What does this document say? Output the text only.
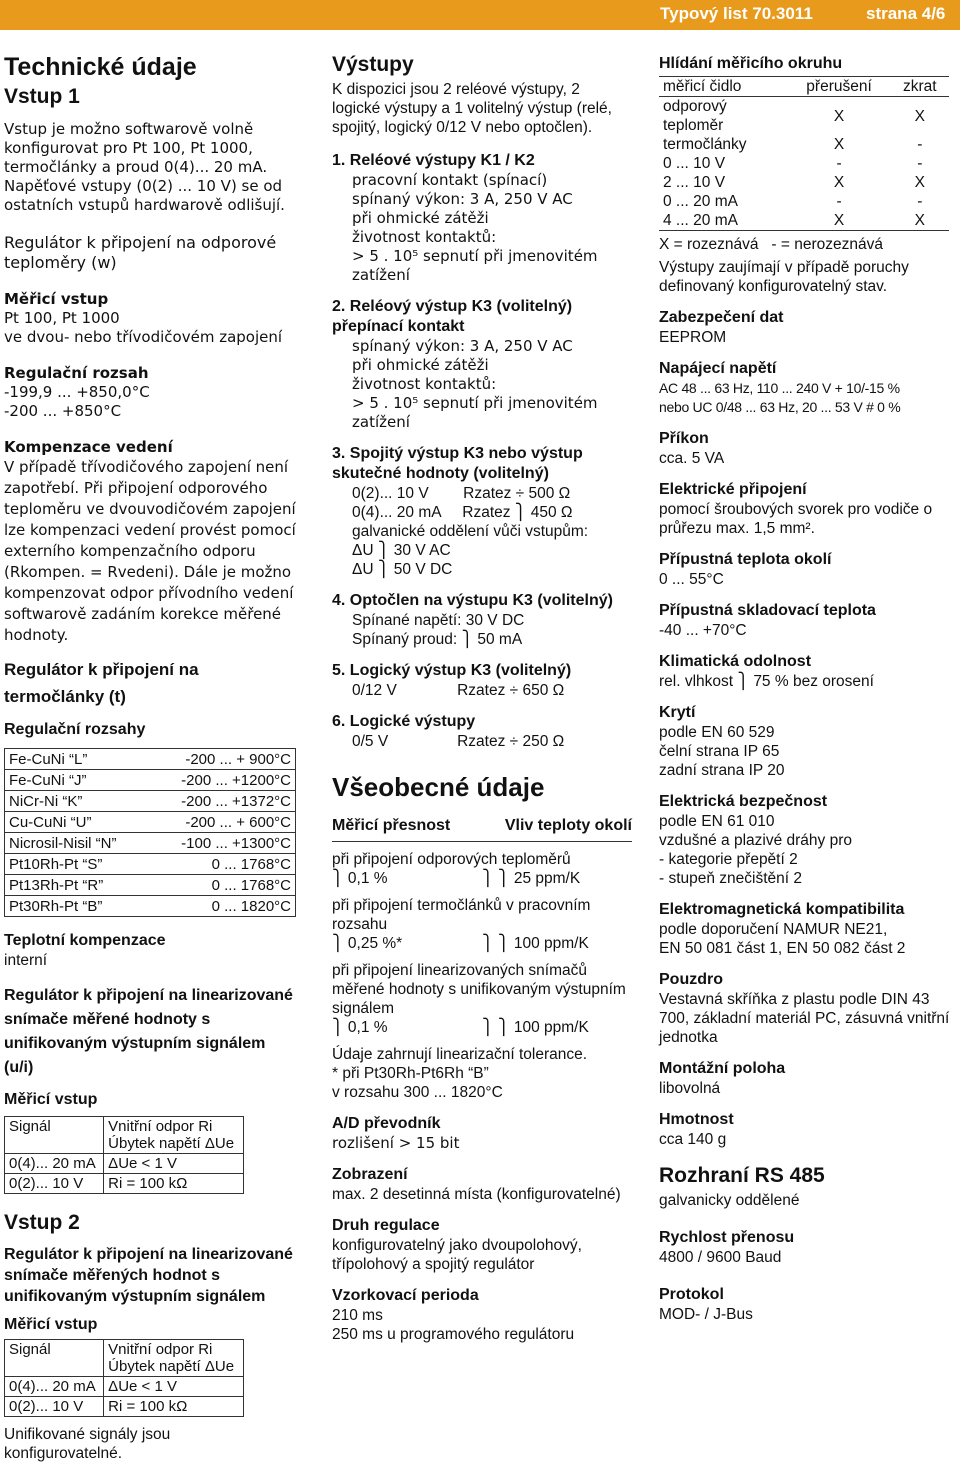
Typový list 70.3011	strana 4/6
Technické údaje
Vstup 1

Vstup je možno softwarově volně konfigurovat pro Pt 100, Pt 1000, termočlánky a proud 0(4)... 20 mA.
Napěťové vstupy (0(2) ... 10 V) se od ostatních vstupů hardwarově odlišují.

Regulátor k připojení na odporové teploměry (w)
Měřicí vstup

Pt 100, Pt 1000
ve dvou- nebo třívodičovém zapojení

Regulační rozsah

-199,9 ... +850,0°C
-200 ... +850°C

Kompenzace vedení

V případě třívodičového zapojení není zapotřebí. Při připojení odporového teploměru ve dvouvodičovém zapojení lze kompenzaci vedení provést pomocí externího kompenzačního odporu (Rkompen. = Rvedeni). Dále je možno kompenzovat odpor přívodního vedení softwarově zadáním korekce měřené hodnoty.

Regulátor k připojení na termočlánky (t)
Regulační rozsahy
Fe-CuNi “L”	-200 ... + 900°C
Fe-CuNi “J”	-200 ... +1200°C
NiCr-Ni “K”	-200 ... +1372°C
Cu-CuNi “U”	-200 ... + 600°C
Nicrosil-Nisil “N”	-100 ... +1300°C
Pt10Rh-Pt “S”	0 ... 1768°C
Pt13Rh-Pt “R”	0 ... 1768°C
Pt30Rh-Pt “B”	0 ... 1820°C
Teplotní kompenzace

interní

Regulátor k připojení na linearizované snímače měřené hodnoty s unifikovaným výstupním signálem (u/i)
Měřicí vstup
Signál	Vnitřní odpor Ri
Úbytek napětí ΔUe
0(4)... 20 mA	ΔUe < 1 V
0(2)... 10 V	Ri = 100 kΩ
Vstup 2
Regulátor k připojení na linearizované snímače měřených hodnot s unifikovaným výstupním signálem
Měřicí vstup
Signál	Vnitřní odpor Ri
Úbytek napětí ΔUe
0(4)... 20 mA	ΔUe < 1 V
0(2)... 10 V	Ri = 100 kΩ

Unifikované signály jsou konfigurovatelné.

Výstupy

K dispozici jsou 2 reléové výstupy, 2 logické výstupy a 1 volitelný výstup (relé, spojitý, logický 0/12 V nebo optočlen).

1. Reléové výstupy K1 / K2

pracovní kontakt (spínací)
spínaný výkon: 3 A, 250 V AC
při ohmické zátěži
životnost kontaktů:
> 5 . 10⁵ sepnutí při jmenovitém
zatížení

2. Reléový výstup K3 (volitelný)
přepínací kontakt

spínaný výkon: 3 A, 250 V AC
při ohmické zátěži
životnost kontaktů:
> 5 . 10⁵ sepnutí při jmenovitém
zatížení

3. Spojitý výstup K3 nebo výstup
skutečné hodnoty (volitelný)

0(2)... 10 V        Rzatez ÷ 500 Ω
0(4)... 20 mA     Rzatez ⎫ 450 Ω
galvanické oddělení vůči vstupům:
ΔU ⎫ 30 V AC
ΔU ⎫ 50 V DC

4. Optočlen na výstupu K3 (volitelný)

Spínané napětí: 30 V DC
Spínaný proud: ⎫ 50 mA

5. Logický výstup K3 (volitelný)

0/12 V              Rzatez ÷ 650 Ω

6. Logické výstupy

0/5 V                Rzatez ÷ 250 Ω

Všeobecné údaje
Měřicí přesnost	Vliv teploty okolí

při připojení odporových teploměrů

⎫ 0,1 %	⎫ ⎫ 25 ppm/K

při připojení termočlánků v pracovním rozsahu

⎫ 0,25 %*	⎫ ⎫ 100 ppm/K

při připojení linearizovaných snímačů měřené hodnoty s unifikovaným výstupním signálem

⎫ 0,1 %	⎫ ⎫ 100 ppm/K

Údaje zahrnují linearizační tolerance.
* při Pt30Rh-Pt6Rh “B”
v rozsahu 300 ... 1820°C

A/D převodník

rozlišení > 15 bit

Zobrazení

max. 2 desetinná místa (konfigurovatelné)

Druh regulace

konfigurovatelný jako dvoupolohový, třípolohový a spojitý regulátor

Vzorkovací perioda

210 ms
250 ms u programového regulátoru

Hlídání měřicího okruhu
měřicí čidlo	přerušení	zkrat
odporový
teploměr	X	X
termočlánky	X	-
0 ... 10 V	-	-
2 ... 10 V	X	X
0 ... 20 mA	-	-
4 ... 20 mA	X	X

X = rozeznává   - = nerozeznává

Výstupy zaujímají v případě poruchy definovaný konfigurovatelný stav.

Zabezpečení dat

EEPROM

Napájecí napětí

AC 48 ... 63 Hz, 110 ... 240 V + 10/-15 %
nebo UC 0/48 ... 63 Hz, 20 ... 53 V # 0 %

Příkon

cca. 5 VA

Elektrické připojení

pomocí šroubových svorek pro vodiče o průřezu max. 1,5 mm².

Přípustná teplota okolí

0 ... 55°C

Přípustná skladovací teplota

-40 ... +70°C

Klimatická odolnost

rel. vlhkost ⎫ 75 % bez orosení

Krytí

podle EN 60 529
čelní strana IP 65
zadní strana IP 20

Elektrická bezpečnost

podle EN 61 010
vzdušné a plazivé dráhy pro
- kategorie přepětí 2
- stupeň znečištění 2

Elektromagnetická kompatibilita

podle doporučení NAMUR NE21,
EN 50 081 část 1, EN 50 082 část 2

Pouzdro

Vestavná skříňka z plastu podle DIN 43 700, základní materiál PC, zásuvná vnitřní jednotka

Montážní poloha

libovolná

Hmotnost

cca 140 g

Rozhraní RS 485

galvanicky oddělené

Rychlost přenosu

4800 / 9600 Baud

Protokol

MOD- / J-Bus
